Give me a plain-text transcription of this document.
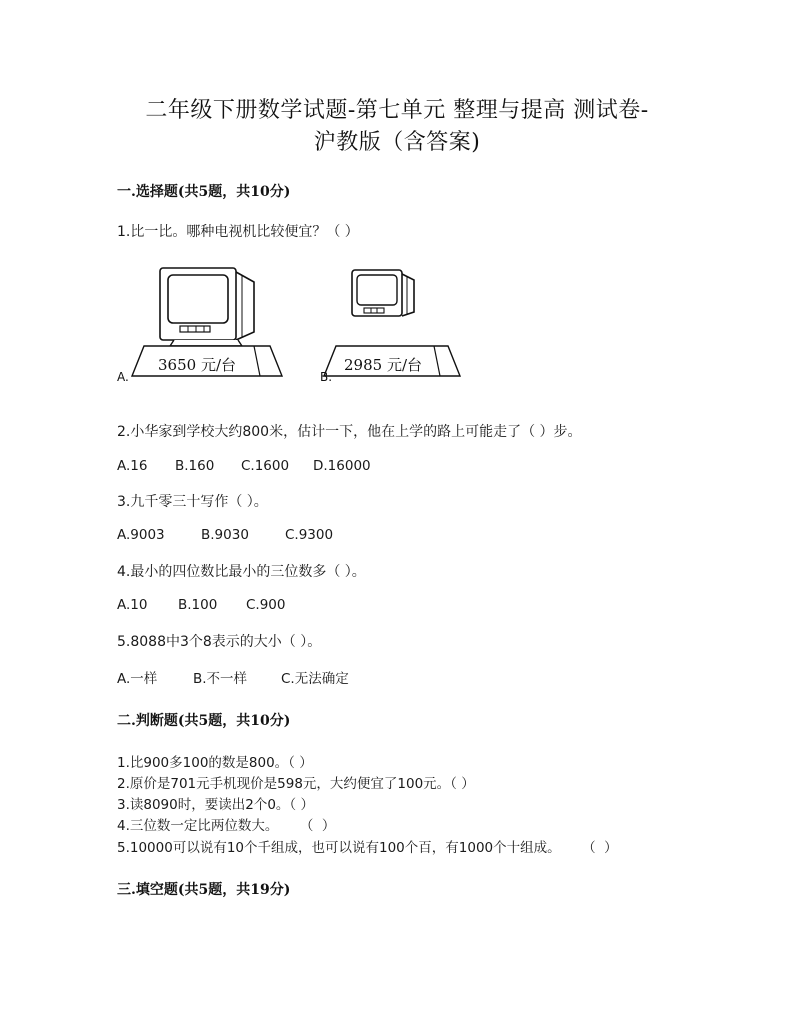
二年级下册数学试题-第七单元 整理与提高 测试卷-
沪教版（含答案)
一.选择题(共5题，共10分)
1.比一比。哪种电视机比较便宜？（ ）
A.
3650 元/台
B.
2985 元/台
2.小华家到学校大约800米，估计一下，他在上学的路上可能走了（ ）步。
A.16 B.160 C.1600 D.16000
3.九千零三十写作（ ）。
A.9003	B.9030	C.9300
4.最小的四位数比最小的三位数多（ ）。
A.10 B.100 C.900
5.8088中3个8表示的大小（ ）。
A.一样	B.不一样	C.无法确定
二.判断题(共5题，共10分)
1.比900多100的数是800。（ ）
2.原价是701元手机现价是598元，大约便宜了100元。（ ）
3.读8090时，要读出2个0。（ ）
4.三位数一定比两位数大。     （  ）
5.10000可以说有10个千组成，也可以说有100个百，有1000个十组成。     （  ）
三.填空题(共5题，共19分)
